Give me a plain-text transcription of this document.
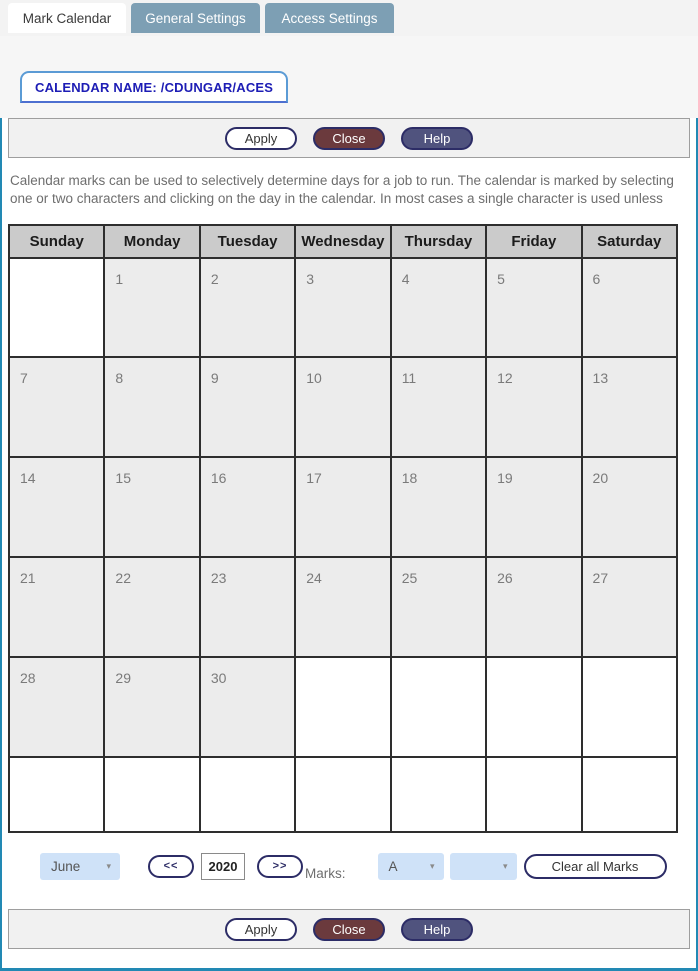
Mark Calendar	General Settings	Access Settings
CALENDAR NAME: /CDUNGAR/ACES
Apply	Close	Help

Calendar marks can be used to selectively determine days for a job to run. The calendar is marked by selecting one or two characters and clicking on the day in the calendar. In most cases a single character is used unless

Sunday	Monday	Tuesday	Wednesday	Thursday	Friday	Saturday
	1	2	3	4	5	6
7	8	9	10	11	12	13
14	15	16	17	18	19	20
21	22	23	24	25	26	27
28	29	30				

June	▾	<<
2020	>>	Marks:	A	▾	▾	Clear all Marks
Apply	Close	Help
